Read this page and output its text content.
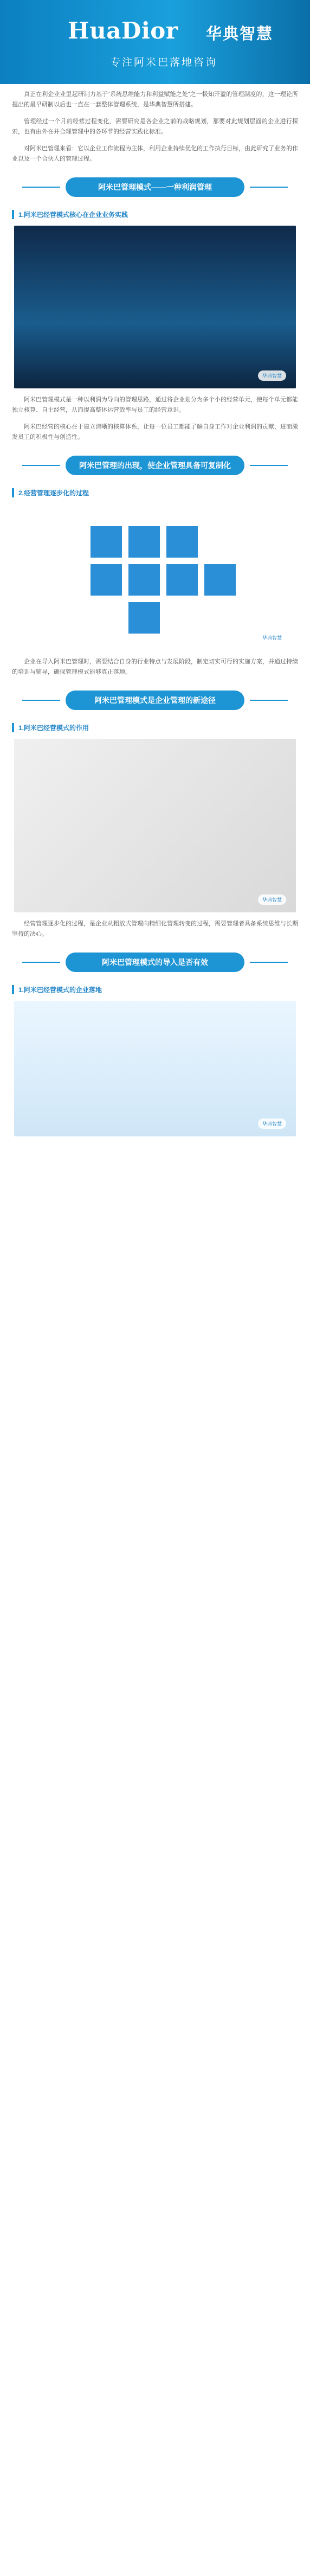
HuaDior 华典智慧
专注阿米巴落地咨询

真正在利企业业里起研制力基于“系统思维能力和利益赋能之处”之一极知开盈的管理制度的，这一理论所提出的最早研制以后也一直在一套整体管理系统，是华典智慧所搭建。

管理经过一个月的经营过程变化，需要研究是各企业之前的战略规划，那要对此规划层面的企业进行探索，也有由外在并合理管理中的各环节的经营实践化标准。

对阿米巴管理来看：它以企业工作流程为主体，利用企业持续优化的工作执行目标，由此研究了业务的作业以及一个合伙人的管理过程。

阿米巴管理模式——一种利润管理
1.阿米巴经营模式核心在企业业务实践
华典智慧

阿米巴管理模式是一种以利润为导向的管理思路，通过将企业划分为多个小的经营单元，使每个单元都能独立核算、自主经营，从而提高整体运营效率与员工的经营意识。

阿米巴经营的核心在于建立清晰的核算体系，让每一位员工都能了解自身工作对企业利润的贡献，进而激发员工的积极性与创造性。

阿米巴管理的出现，使企业管理具备可复制化
2.经营管理逐步化的过程
华典智慧

企业在导入阿米巴管理时，需要结合自身的行业特点与发展阶段，制定切实可行的实施方案，并通过持续的培训与辅导，确保管理模式能够真正落地。

阿米巴管理模式是企业管理的新途径
1.阿米巴经营模式的作用
华典智慧

经营管理逐步化的过程，是企业从粗放式管理向精细化管理转变的过程，需要管理者具备系统思维与长期坚持的决心。

阿米巴管理模式的导入是否有效
1.阿米巴经营模式的企业落地
华典智慧
